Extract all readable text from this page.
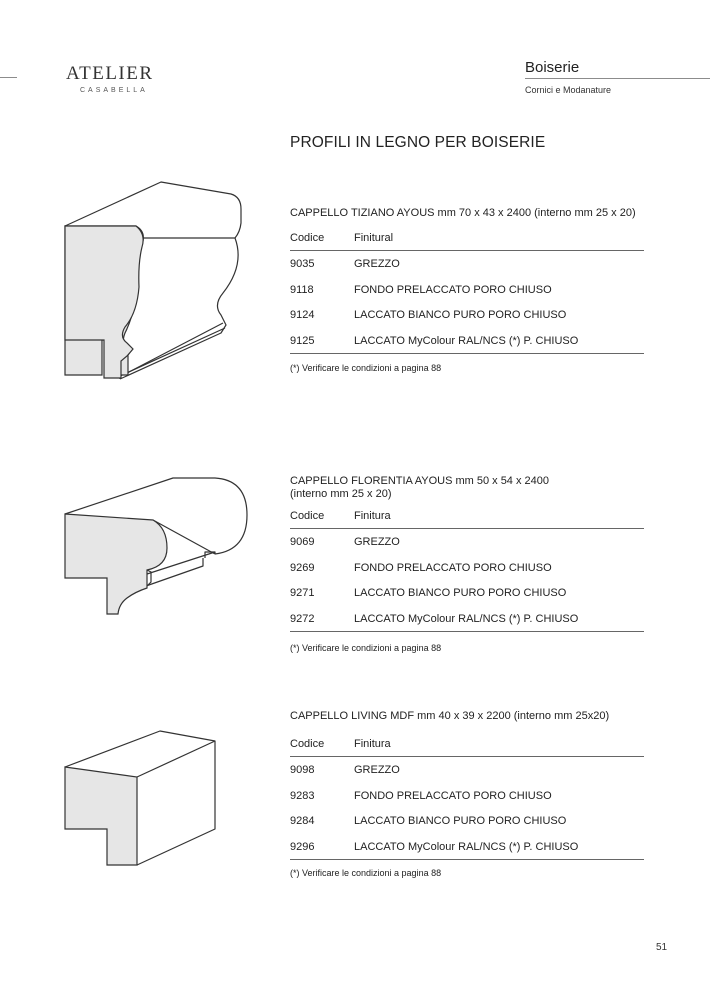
ATELIER
CASABELLA
Boiserie
Cornici e Modanature
PROFILI IN LEGNO PER BOISERIE
CAPPELLO TIZIANO AYOUS mm 70 x 43 x 2400 (interno mm 25 x 20)
Codice	Finitural
9035	GREZZO
9118	FONDO PRELACCATO PORO CHIUSO
9124	LACCATO BIANCO PURO PORO CHIUSO
9125	LACCATO MyColour RAL/NCS (*) P. CHIUSO
(*) Verificare le condizioni a pagina 88
CAPPELLO FLORENTIA AYOUS mm 50 x 54 x 2400 (interno mm 25 x 20)
Codice	Finitura
9069	GREZZO
9269	FONDO PRELACCATO PORO CHIUSO
9271	LACCATO BIANCO PURO PORO CHIUSO
9272	LACCATO MyColour RAL/NCS (*) P. CHIUSO
(*) Verificare le condizioni a pagina 88
CAPPELLO LIVING MDF mm 40 x 39 x 2200 (interno mm 25x20)
Codice	Finitura
9098	GREZZO
9283	FONDO PRELACCATO PORO CHIUSO
9284	LACCATO BIANCO PURO PORO CHIUSO
9296	LACCATO MyColour RAL/NCS (*) P. CHIUSO
(*) Verificare le condizioni a pagina 88
51
